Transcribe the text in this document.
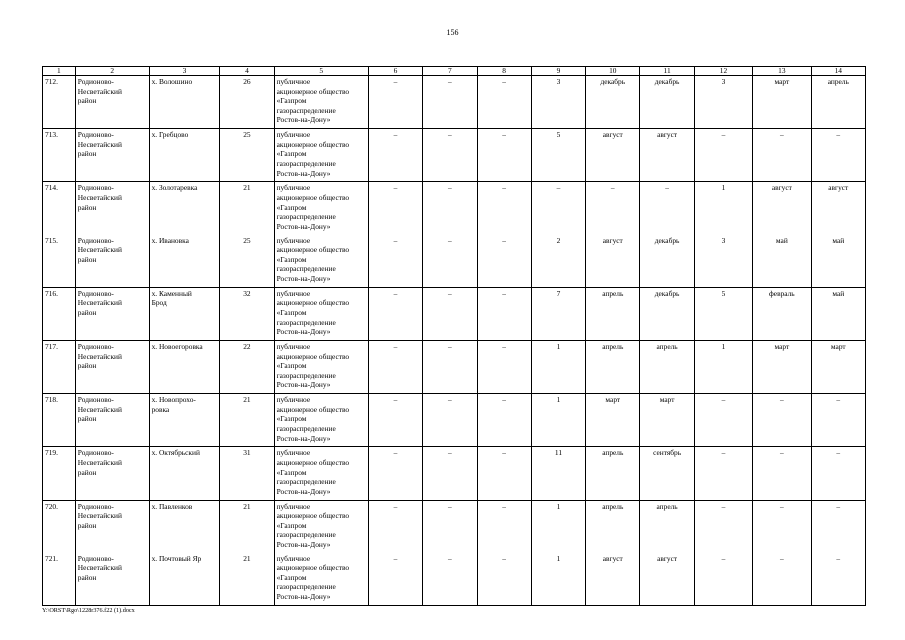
156
1	2	3	4	5	6	7	8	9	10	11	12	13	14
712.	Родионово-
Несветайский
район	х. Волошино	26	публичное
акционерное общество
«Газпром
газораспределение
Ростов-на-Дону»	–	–	–	3	декабрь	декабрь	3	март	апрель
713.	Родионово-
Несветайский
район	х. Гребцово	25	публичное
акционерное общество
«Газпром
газораспределение
Ростов-на-Дону»	–	–	–	5	август	август	–	–	–
714.	Родионово-
Несветайский
район	х. Золотаревка	21	публичное
акционерное общество
«Газпром
газораспределение
Ростов-на-Дону»	–	–	–	–	–	–	1	август	август
715.	Родионово-
Несветайский
район	х. Ивановка	25	публичное
акционерное общество
«Газпром
газораспределение
Ростов-на-Дону»	–	–	–	2	август	декабрь	3	май	май
716.	Родионово-
Несветайский
район	х. Каменный
Брод	32	публичное
акционерное общество
«Газпром
газораспределение
Ростов-на-Дону»	–	–	–	7	апрель	декабрь	5	февраль	май
717.	Родионово-
Несветайский
район	х. Новоегоровка	22	публичное
акционерное общество
«Газпром
газораспределение
Ростов-на-Дону»	–	–	–	1	апрель	апрель	1	март	март
718.	Родионово-
Несветайский
район	х. Новопрохо-
ровка	21	публичное
акционерное общество
«Газпром
газораспределение
Ростов-на-Дону»	–	–	–	1	март	март	–	–	–
719.	Родионово-
Несветайский
район	х. Октябрьский	31	публичное
акционерное общество
«Газпром
газораспределение
Ростов-на-Дону»	–	–	–	11	апрель	сентябрь	–	–	–
720.	Родионово-
Несветайский
район	х. Павленков	21	публичное
акционерное общество
«Газпром
газораспределение
Ростов-на-Дону»	–	–	–	1	апрель	апрель	–	–	–
721.	Родионово-
Несветайский
район	х. Почтовый Яр	21	публичное
акционерное общество
«Газпром
газораспределение
Ростов-на-Дону»	–	–	–	1	август	август	–	–	–
Y:\ORST\Rgo\1228r376.f22 (1).docx
